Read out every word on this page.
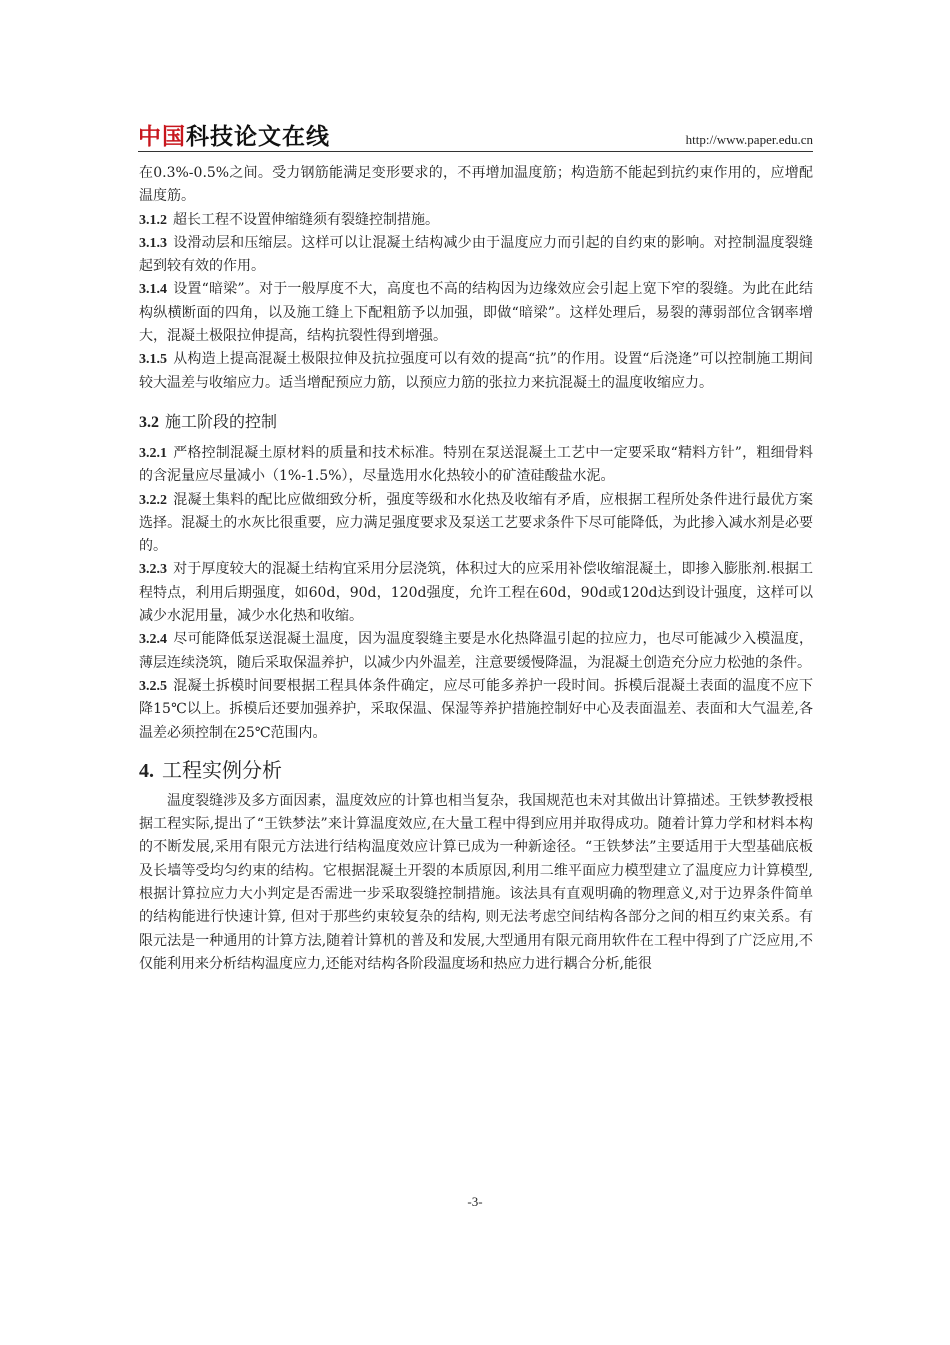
中国科技论文在线	http://www.paper.edu.cn

在0.3%-0.5%之间。受力钢筋能满足变形要求的，不再增加温度筋；构造筋不能起到抗约束作用的，应增配温度筋。

3.1.2 超长工程不设置伸缩缝须有裂缝控制措施。

3.1.3 设滑动层和压缩层。这样可以让混凝土结构减少由于温度应力而引起的自约束的影响。对控制温度裂缝起到较有效的作用。

3.1.4 设置“暗梁”。对于一般厚度不大，高度也不高的结构因为边缘效应会引起上宽下窄的裂缝。为此在此结构纵横断面的四角，以及施工缝上下配粗筋予以加强，即做“暗梁”。这样处理后，易裂的薄弱部位含钢率增大，混凝土极限拉伸提高，结构抗裂性得到增强。

3.1.5 从构造上提高混凝土极限拉伸及抗拉强度可以有效的提高“抗”的作用。设置“后浇逄”可以控制施工期间较大温差与收缩应力。适当增配预应力筋，以预应力筋的张拉力来抗混凝土的温度收缩应力。

3.2 施工阶段的控制

3.2.1 严格控制混凝土原材料的质量和技术标准。特别在泵送混凝土工艺中一定要采取“精料方针”，粗细骨料的含泥量应尽量减小（1%-1.5%），尽量选用水化热较小的矿渣硅酸盐水泥。

3.2.2 混凝土集料的配比应做细致分析，强度等级和水化热及收缩有矛盾，应根据工程所处条件进行最优方案选择。混凝土的水灰比很重要，应力满足强度要求及泵送工艺要求条件下尽可能降低，为此掺入减水剂是必要的。

3.2.3 对于厚度较大的混凝土结构宜采用分层浇筑，体积过大的应采用补偿收缩混凝土，即掺入膨胀剂.根据工程特点，利用后期强度，如60d，90d，120d强度，允许工程在60d，90d或120d达到设计强度，这样可以减少水泥用量，减少水化热和收缩。

3.2.4 尽可能降低泵送混凝土温度，因为温度裂缝主要是水化热降温引起的拉应力，也尽可能减少入模温度，薄层连续浇筑，随后采取保温养护，以减少内外温差，注意要缓慢降温，为混凝土创造充分应力松弛的条件。

3.2.5 混凝土拆模时间要根据工程具体条件确定，应尽可能多养护一段时间。拆模后混凝土表面的温度不应下降15℃以上。拆模后还要加强养护，采取保温、保湿等养护措施控制好中心及表面温差、表面和大气温差,各温差必须控制在25℃范围内。

4. 工程实例分析

温度裂缝涉及多方面因素，温度效应的计算也相当复杂，我国规范也未对其做出计算描述。王铁梦教授根据工程实际,提出了“王铁梦法”来计算温度效应,在大量工程中得到应用并取得成功。随着计算力学和材料本构的不断发展,采用有限元方法进行结构温度效应计算已成为一种新途径。“王铁梦法”主要适用于大型基础底板及长墙等受均匀约束的结构。它根据混凝土开裂的本质原因,利用二维平面应力模型建立了温度应力计算模型,根据计算拉应力大小判定是否需进一步采取裂缝控制措施。该法具有直观明确的物理意义,对于边界条件简单的结构能进行快速计算, 但对于那些约束较复杂的结构, 则无法考虑空间结构各部分之间的相互约束关系。有限元法是一种通用的计算方法,随着计算机的普及和发展,大型通用有限元商用软件在工程中得到了广泛应用,不仅能利用来分析结构温度应力,还能对结构各阶段温度场和热应力进行耦合分析,能很

-3-
